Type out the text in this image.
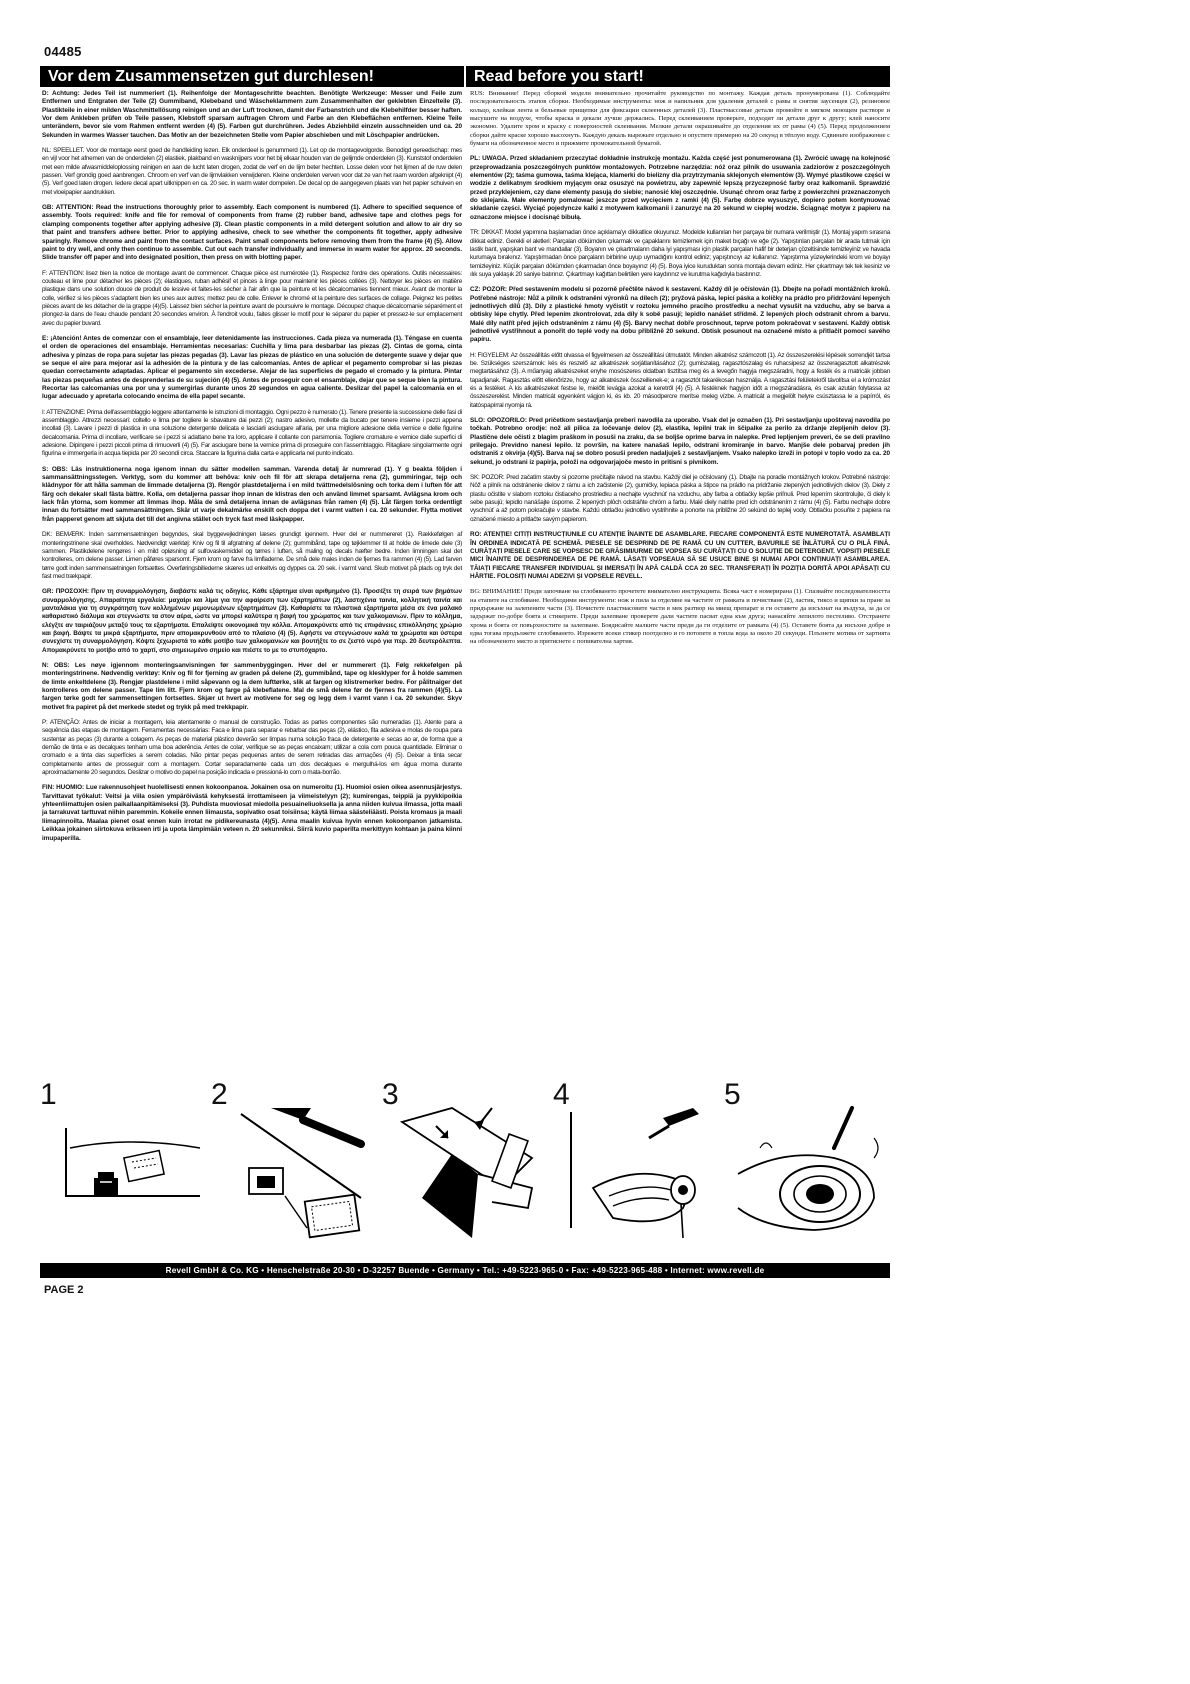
04485
Vor dem Zusammensetzen gut durchlesen!	Read before you start!

D: Achtung: Jedes Teil ist nummeriert (1). Reihenfolge der Montageschritte beachten. Benötigte Werkzeuge: Messer und Feile zum Entfernen und Entgraten der Teile (2) Gummiband, Klebeband und Wäscheklammern zum Zusammenhalten der geklebten Einzelteile (3). Plastikteile in einer milden Waschmittellösung reinigen und an der Luft trocknen, damit der Farbanstrich und die Klebehilfder besser haften. Vor dem Ankleben prüfen ob Teile passen, Klebstoff sparsam auftragen Chrom und Farbe an den Klebeflächen entfernen. Kleine Teile unterändern, bevor sie vom Rahmen entfernt werden (4) (5). Farben gut durchrühren. Jedes Abziehbild einzeln ausschneiden und ca. 20 Sekunden in warmes Wasser tauchen. Das Motiv an der bezeichneten Stelle vom Papier abschieben und mit Löschpapier andrücken.

NL: SPEELLET. Voor de montage eerst goed de handleiding lezen. Elk onderdeel is genummerd (1). Let op de montagevolgorde. Benodigd gereedschap: mes en vijl voor het afnemen van de onderdelen (2) elastiek, plakband en wasknijpers voor het bij elkaar houden van de gelijmde onderdelen (3). Kunststof onderdelen met een milde afwasmiddeloplossing reinigen en aan de lucht laten drogen, zodat de verf en de lijm beter hechten. Losse delen voor het lijmen af de ruw delen passen. Verf grondig goed aanbrengen. Chroom en verf van de lijmvlakken verwijderen. Kleine onderdelen verven voor dat ze van het raam worden afgeknipt (4) (5). Verf goed laten drogen. Iedere decal apart uitknippen en ca. 20 sec. in warm water dompelen. De decal op de aangegeven plaats van het papier schuiven en met vloeipapier aandrukken.

GB: ATTENTION: Read the instructions thoroughly prior to assembly. Each component is numbered (1). Adhere to specified sequence of assembly. Tools required: knife and file for removal of components from frame (2) rubber band, adhesive tape and clothes pegs for clamping components together after applying adhesive (3). Clean plastic components in a mild detergent solution and allow to air dry so that paint and transfers adhere better. Prior to applying adhesive, check to see whether the components fit together, apply adhesive sparingly. Remove chrome and paint from the contact surfaces. Paint small components before removing them from the frame (4) (5). Allow paint to dry well, and only then continue to assemble. Cut out each transfer individually and immerse in warm water for approx. 20 seconds. Slide transfer off paper and into designated position, then press on with blotting paper.

F: ATTENTION: lisez bien la notice de montage avant de commencer. Chaque pièce est numérotée (1). Respectez l'ordre des opérations. Outils nécessaires: couteau et lime pour détacher les pièces (2); élastiques, ruban adhésif et pinces à linge pour maintenir les pièces collées (3). Nettoyer les pièces en matière plastique dans une solution douce de produit de lessive et faites-les sécher à l'air afin que la peinture et les décalcomanies tiennent mieux. Avant de monter la colle, vérifiez si les pièces s'adaptent bien les unes aux autres; mettez peu de colle. Enlever le chromé et la peinture des surfaces de collage. Peignez les petites pièces avant de les détacher de la grappe (4)(5). Laissez bien sécher la peinture avant de poursuivre le montage. Découpez chaque décalcomanie séparément et plongez-la dans de l'eau chaude pendant 20 secondes environ. À l'endroit voulu, faites glisser le motif pour le séparer du papier et pressez-le sur emplacement avec du papier buvard.

E: ¡Atención! Antes de comenzar con el ensamblaje, leer detenidamente las instrucciones. Cada pieza va numerada (1). Téngase en cuenta el orden de operaciones del ensamblaje. Herramientas necesarias: Cuchilla y lima para desbarbar las piezas (2). Cintas de goma, cinta adhesiva y pinzas de ropa para sujetar las piezas pegadas (3). Lavar las piezas de plástico en una solución de detergente suave y dejar que se seque el aire para mejorar así la adhesión de la pintura y de las calcomanías. Antes de aplicar el pegamento comprobar si las piezas quedan correctamente adaptadas. Aplicar el pegamento sin excederse. Alejar de las superficies de pegado el cromado y la pintura. Pintar las piezas pequeñas antes de desprenderlas de su sujeción (4) (5). Antes de proseguir con el ensamblaje, dejar que se seque bien la pintura. Recortar las calcomanías una por una y sumergirlas durante unos 20 segundos en agua caliente. Deslizar del papel la calcomanía en el lugar adecuado y apretarla colocando encima de ella papel secante.

I: ATTENZIONE: Prima dell'assemblaggio leggere attentamente le istruzioni di montaggio. Ogni pezzo è numerato (1). Tenere presente la successione delle fasi di assemblaggio. Attrezzi necessari: coltello e lima per togliere le sbavature dai pezzi (2); nastro adesivo, mollette da bucato per tenere insieme i pezzi appena incollati (3). Lavare i pezzi di plastica in una soluzione detergente delicata e lasciarli asciugare all'aria, per una migliore adesione della vernice e delle figurine decalcomania. Prima di incollare, verificare se i pezzi si adattano bene tra loro, applicare il collante con parsimonia. Togliere cromature e vernice dalle superfici di adesione. Dipingere i pezzi piccoli prima di rimuoverli (4) (5). Far asciugare bene la vernice prima di proseguire con l'assemblaggio. Ritagliare singolarmente ogni figurina e immergerla in acqua tiepida per 20 secondi circa. Staccare la figurina dalla carta e applicarla nel punto indicato.

S: OBS: Läs instruktionerna noga igenom innan du sätter modellen samman. Varenda detalj är numrerad (1). Y g beakta följden i sammansättningsstegen. Verktyg, som du kommer att behöva: kniv och fil för att skrapa detaljerna rena (2), gummiringar, tejp och klädnypor för att hålla samman de limmade detaljerna (3). Rengör plastdetaljerna i en mild tvättmedelslösning och torka dem i luften för att färg och dekaler skall fästa bättre. Kolla, om detaljerna passar ihop innan de klistras den och använd limmet sparsamt. Avlägsna krom och lack från ytorna, som kommer att limmas ihop. Måla de små detaljerna innan de avlägsnas från ramen (4) (5). Låt färgen torka ordentligt innan du fortsätter med sammansättningen. Skär ut varje dekalmärke enskilt och doppa det i varmt vatten i ca. 20 sekunder. Flytta motivet från papperet genom att skjuta det till det angivna stället och tryck fast med läskpapper.

DK: BEMÆRK: Inden sammensætningen begyndes, skal byggevejledningen læses grundigt igennem. Hver del er nummereret (1). Rækkefølgen af monteringstrinene skal overholdes. Nødvendigt værktøj: Kniv og fil til afgratning af delene (2); gummibånd, tape og tøjklemmer til at holde de limede dele (3) sammen. Plastikdelene rengøres i en mild opløsning af sulfovaskemiddel og tørres i luften, så maling og decals hæfter bedre. Inden limningen skal det kontrolleres, om delene passer. Limen påføres sparsomt. Fjern krom og farve fra limfladerne. De små dele males inden de fjernes fra rammen (4) (5). Lad farven tørre godt inden sammensætningen fortsættes. Overføringsbillederne skæres ud enkeltvis og dyppes ca. 20 sek. i varmt vand. Skub motivet på plads og tryk det fast med trækpapir.

GR: ΠΡΟΣΟΧΗ: Πριν τη συναρμολόγηση, διαβάστε καλά τις οδηγίες. Κάθε εξάρτημα είναι αριθμημένο (1). Προσέξτε τη σειρά των βημάτων συναρμολόγησης. Απαραίτητα εργαλεία: μαχαίρι και λίμα για την αφαίρεση των εξαρτημάτων (2), λαστιχένια ταινία, κολλητική ταινία και μανταλάκια για τη συγκράτηση των κολλημένων μεμονωμένων εξαρτημάτων (3). Καθαρίστε τα πλαστικά εξαρτήματα μέσα σε ένα μαλακό καθαριστικό διάλυμα και στεγνώστε τα στον αέρα, ώστε να μπορεί καλύτερα η βαφή του χρώματος και των χαλκομανιών. Πριν το κόλλημα, ελέγξτε αν ταιριάζουν μεταξύ τους τα εξαρτήματα. Επαλείψτε οικονομικά την κόλλα. Απομακρύνετε από τις επιφάνειες επικόλλησης χρώμιο και βαφή. Βάψτε τα μικρά εξαρτήματα, πριν απομακρυνθούν από το πλαίσιο (4) (5). Αφήστε να στεγνώσουν καλά τα χρώματα και ύστερα συνεχίστε τη συναρμολόγηση. Κόψτε ξεχωριστά το κάθε μοτίβο των χαλκομανιών και βουτήξτε το σε ζεστό νερό για περ. 20 δευτερόλεπτα. Απομακρύνετε το μοτίβο από το χαρτί, στο σημειωμένο σημείο και πιέστε το με το στυπόχαρτο.

N: OBS: Les nøye igjennom monteringsanvisningen før sammenbyggingen. Hver del er nummerert (1). Følg rekkefølgen på monteringstrinene. Nødvendig verktøy: Kniv og fil for fjerning av graden på delene (2), gummibånd, tape og klesklyper for å holde sammen de limte enkeltdelene (3). Rengjør plastdelene i mild såpevann og la dem lufttørke, slik at fargen og klistremerker bedre. For pålitnaiger det kontrolleres om delene passer. Tape lim litt. Fjern krom og farge på klebeflatene. Mal de små delene før de fjernes fra rammen (4)(5). La fargen tørke godt før sammensettingen fortsettes. Skjær ut hvert av motivene for seg og legg dem i varmt vann i ca. 20 sekunder. Skyv motivet fra papiret på det merkede stedet og trykk på med trekkpapir.

P: ATENÇÃO: Antes de iniciar a montagem, leia atentamente o manual de construção. Todas as partes componentes são numeradas (1). Atente para a sequência das etapas de montagem. Ferramentas necessárias: Faca e lima para separar e rebarbar das peças (2), elástico, fita adesiva e molas de roupa para sustentar as peças (3) durante a colagem. As peças de material plástico deverão ser limpas numa solução fraca de detergente e secas ao ar, de forma que a demão de tinta e as decalques tenham uma boa aderência. Antes de colar, verifique se as peças encaixam; utilizar a cola com pouca quantidade. Eliminar o cromado e a tinta das superfícies a serem coladas. Não pintar peças pequenas antes de serem retiradas das armações (4) (5). Deixar a tinta secar completamente antes de prosseguir com a montagem. Cortar separadamente cada um dos decalques e mergulhá-los em água morna durante aproximadamente 20 segundos. Deslizar o motivo do papel na posição indicada e pressioná-lo com o mata-borrão.

FIN: HUOMIO: Lue rakennusohjeet huolellisesti ennen kokoonpanoa. Jokainen osa on numeroitu (1). Huomioi osien oikea asennusjärjestys. Tarvittavat työkalut: Veitsi ja viila osien ympäröivästä kehyksestä irrottamiseen ja viimeistelyyn (2); kumirengas, teippiä ja pyykkipoikia yhteenliimattujen osien paikallaanpitämiseksi (3). Puhdista muoviosat miedolla pesuaineliuoksella ja anna niiden kuivua ilmassa, jotta maali ja tarrakuvat tarttuvat niihin paremmin. Kokeile ennen liimausta, sopivatko osat toisiinsa; käytä liimaa säästeliäästi. Poista kromaus ja maali liimapinnoilta. Maalaa pienet osat ennen kuin irrotat ne pidikereunasta (4)(5). Anna maalin kuivua hyvin ennen kokoonpanon jatkamista. Leikkaa jokainen siirtokuva erikseen irti ja upota lämpimään veteen n. 20 sekunniksi. Siirrä kuvio paperilta merkittyyn kohtaan ja paina kiinni imupaperilla.

RUS: Внимание! Перед сборкой модели внимательно прочитайте руководство по монтажу. Каждая деталь пронумерована (1). Соблюдайте последовательность этапов сборки. Необходимые инструменты: нож и напильник для удаления деталей с рамы и снятия заусенцев (2), резиновое кольцо, клейкая лента и бельевые прищепки для фиксации склеенных деталей (3). Пластмассовые детали промойте в мягком моющем растворе и высушите на воздухе, чтобы краска и декали лучше держались. Перед склеиванием проверьте, подходят ли детали друг к другу; клей наносите экономно. Удалите хром и краску с поверхностей склеивания. Мелкие детали окрашивайте до отделения их от рамы (4) (5). Перед продолжением сборки дайте краске хорошо высохнуть. Каждую декаль вырежьте отдельно и опустите примерно на 20 секунд в тёплую воду. Сдвиньте изображение с бумаги на обозначенное место и прижмите промокательной бумагой.

PL: UWAGA. Przed składaniem przeczytać dokładnie instrukcję montażu. Każda część jest ponumerowana (1). Zwrócić uwagę na kolejność przeprowadzania poszczególnych punktów montażowych. Potrzebne narzędzia: nóż oraz pilnik do usuwania zadziorów z poszczególnych elementów (2); taśma gumowa, taśma klejąca, klamerki do bielizny dla przytrzymania sklejonych elementów (3). Wymyć plastikowe części w wodzie z delikatnym środkiem myjącym oraz osuszyć na powietrzu, aby zapewnić lepszą przyczepność farby oraz kalkomanii. Sprawdzić przed przyklejeniem, czy dane elementy pasują do siebie; nanosić klej oszczędnie. Usunąć chrom oraz farbę z powierzchni przeznaczonych do sklejania. Małe elementy pomalować jeszcze przed wycięciem z ramki (4) (5). Farbę dobrze wysuszyć, dopiero potem kontynuować składanie części. Wyciąć pojedyncze kalki z motywem kalkomanii i zanurzyć na 20 sekund w ciepłej wodzie. Ściągnąć motyw z papieru na oznaczone miejsce i docisnąć bibułą.

TR: DIKKAT: Model yapımına başlamadan önce açıklama'yı dikkatlice okuyunuz. Modelde kullanılan her parçaya bir numara verilmiştir (1). Montaj yapım sırasına dikkat ediniz. Gerekli el aletleri: Parçaları dökümden çıkarmak ve çapaklarını temizlemek için maket bıçağı ve eğe (2). Yapıştırılan parçaları bir arada tutmak için lastik bant, yapışkan bant ve mandallar (3). Boyanın ve çıkartmaların daha iyi yapışması için plastik parçaları hafif bir deterjan çözeltisinde temizleyiniz ve havada kurumaya bırakınız. Yapıştırmadan önce parçaların birbirine uyup uymadığını kontrol ediniz; yapıştırıcıyı az kullanınız. Yapıştırma yüzeylerindeki krom ve boyayı temizleyiniz. Küçük parçaları dökümden çıkarmadan önce boyayınız (4) (5). Boya iyice kuruduktan sonra montaja devam ediniz. Her çıkartmayı tek tek kesiniz ve ılık suya yaklaşık 20 saniye batırınız. Çıkartmayı kağıttan belirtilen yere kaydırınız ve kurutma kağıdıyla bastırınız.

CZ: POZOR: Před sestavením modelu si pozorně přečtěte návod k sestavení. Každý díl je očíslován (1). Dbejte na pořadí montážních kroků. Potřebné nástroje: Nůž a pilník k odstranění výronků na dílech (2); pryžová páska, lepicí páska a kolíčky na prádlo pro přidržování lepených jednotlivých dílů (3). Díly z plastické hmoty vyčistit v roztoku jemného pracího prostředku a nechat vysušit na vzduchu, aby se barva a obtisky lépe chytly. Před lepením zkontrolovat, zda díly k sobě pasují; lepidlo nanášet střídmě. Z lepených ploch odstranit chrom a barvu. Malé díly natřít před jejich odstraněním z rámu (4) (5). Barvy nechat dobře proschnout, teprve potom pokračovat v sestavení. Každý obtisk jednotlivě vystřihnout a ponořit do teplé vody na dobu přibližně 20 sekund. Obtisk posunout na označené místo a přitlačit pomocí savého papíru.

H: FIGYELEM: Az összeállítás előtt olvassa el figyelmesen az összeállítási útmutatót. Minden alkatrész számozott (1). Az összeszerelési lépések sorrendjét tartsa be. Szükséges szerszámok: kés és reszelő az alkatrészek sorjátlanításához (2); gumiszalag, ragasztószalag és ruhacsipesz az összeragasztott alkatrészek megtartásához (3). A műanyag alkatrészeket enyhe mosószeres oldatban tisztítsa meg és a levegőn hagyja megszáradni, hogy a festék és a matricák jobban tapadjanak. Ragasztás előtt ellenőrizze, hogy az alkatrészek összeillenek-e; a ragasztót takarékosan használja. A ragasztási felületekről távolítsa el a krómozást és a festéket. A kis alkatrészeket festse le, mielőtt levágja azokat a keretről (4) (5). A festéknek hagyjon időt a megszáradásra, és csak azután folytassa az összeszerelést. Minden matricát egyenként vágjon ki, és kb. 20 másodpercre merítse meleg vízbe. A matricát a megjelölt helyre csúsztassa le a papírról, és itatóspapírral nyomja rá.

SLO: OPOZORILO: Pred pričetkom sestavljanja preberi navodila za uporabo. Vsak del je označen (1). Pri sestavljanju upoštevaj navodila po točkah. Potrebno orodje: nož ali pilica za ločevanje delov (2), elastika, lepilni trak in ščipalke za perilo za držanje zlepljenih delov (3). Plastične dele očisti z blagim praškom in posuši na zraku, da se boljše oprime barva in nalepke. Pred lepljenjem preveri, če se deli pravilno prilegajo. Previdno nanesi lepilo. Iz površin, na katere nanašaš lepilo, odstrani kromiranje in barvo. Manjše dele pobarvaj preden jih odstraniš z okvirja (4)(5). Barva naj se dobro posuši preden nadaljuješ z sestavljanjem. Vsako nalepko izreži in potopi v toplo vodo za ca. 20 sekund, jo odstrani iz papirja, položi na odgovarjajoče mesto in pritisni s pivnikom.

SK: POZOR: Pred začatím stavby si pozorne prečítajte návod na stavbu. Každý diel je očíslovaný (1). Dbajte na poradie montážnych krokov. Potrebné nástroje: Nôž a pilník na odstránenie dielov z rámu a ich začistenie (2), gumičky, lepiaca páska a štipce na prádlo na pridržanie zlepených jednotlivých dielov (3). Diely z plastu očistite v slabom roztoku čistiaceho prostriedku a nechajte vyschnúť na vzduchu, aby farba a obtlačky lepšie priľnuli. Pred lepením skontrolujte, či diely k sebe pasujú; lepidlo nanášajte úsporne. Z lepených plôch odstráňte chróm a farbu. Malé diely natrite pred ich odstránením z rámu (4) (5). Farbu nechajte dobre vyschnúť a až potom pokračujte v stavbe. Každú obtlačku jednotlivo vystrihnite a ponorte na približne 20 sekúnd do teplej vody. Obtlačku posuňte z papiera na označené miesto a pritlačte savým papierom.

RO: ATENȚIE! CITIȚI INSTRUCȚIUNILE CU ATENȚIE ÎNAINTE DE ASAMBLARE. FIECARE COMPONENTĂ ESTE NUMEROTATĂ. ASAMBLAȚI ÎN ORDINEA INDICATĂ PE SCHEMĂ. PIESELE SE DESPRIND DE PE RAMĂ CU UN CUTTER, BAVURILE SE ÎNLĂTURĂ CU O PILĂ FINĂ. CURĂȚAȚI PIESELE CARE SE VOPSESC DE GRĂSIMI/URME DE VOPSEA SU CURĂȚAȚI CU O SOLUȚIE DE DETERGENT. VOPSIȚI PIESELE MICI ÎNAINTE DE DESPRINDEREA DE PE RAMĂ. LĂSAȚI VOPSEAUA SĂ SE USUCE BINE ȘI NUMAI APOI CONTINUAȚI ASAMBLAREA. TĂIAȚI FIECARE TRANSFER INDIVIDUAL ȘI IMERSAȚI ÎN APĂ CALDĂ CCA 20 SEC. TRANSFERAȚI ÎN POZIȚIA DORITĂ APOI APĂSAȚI CU HÂRTIE. FOLOSIȚI NUMAI ADEZIVI ȘI VOPSELE REVELL.

BG: ВНИМАНИЕ! Преди започване на сглобяването прочетете внимателно инструкцията. Всяка част е номерирана (1). Спазвайте последователността на етапите на сглобяване. Необходими инструменти: нож и пила за отделяне на частите от рамката и почистване (2), ластик, тиксо и щипки за пране за придържане на залепените части (3). Почистете пластмасовите части в мек разтвор на миещ препарат и ги оставете да изсъхнат на въздуха, за да се задържат по-добре боята и стикерите. Преди залепване проверете дали частите пасват една към друга; нанасяйте лепилото пестеливо. Отстранете хрома и боята от повърхностите за залепване. Боядисайте малките части преди да ги отделите от рамката (4) (5). Оставете боята да изсъхне добре и едва тогава продължете сглобяването. Изрежете всеки стикер поотделно и го потопете в топла вода за около 20 секунди. Плъзнете мотива от хартията на обозначеното място и притиснете с попивателна хартия.

1	2	3	4	5
Revell GmbH & Co. KG • Henschelstraße 20-30 • D-32257 Buende • Germany • Tel.: +49-5223-965-0 • Fax: +49-5223-965-488 • Internet: www.revell.de
PAGE 2
